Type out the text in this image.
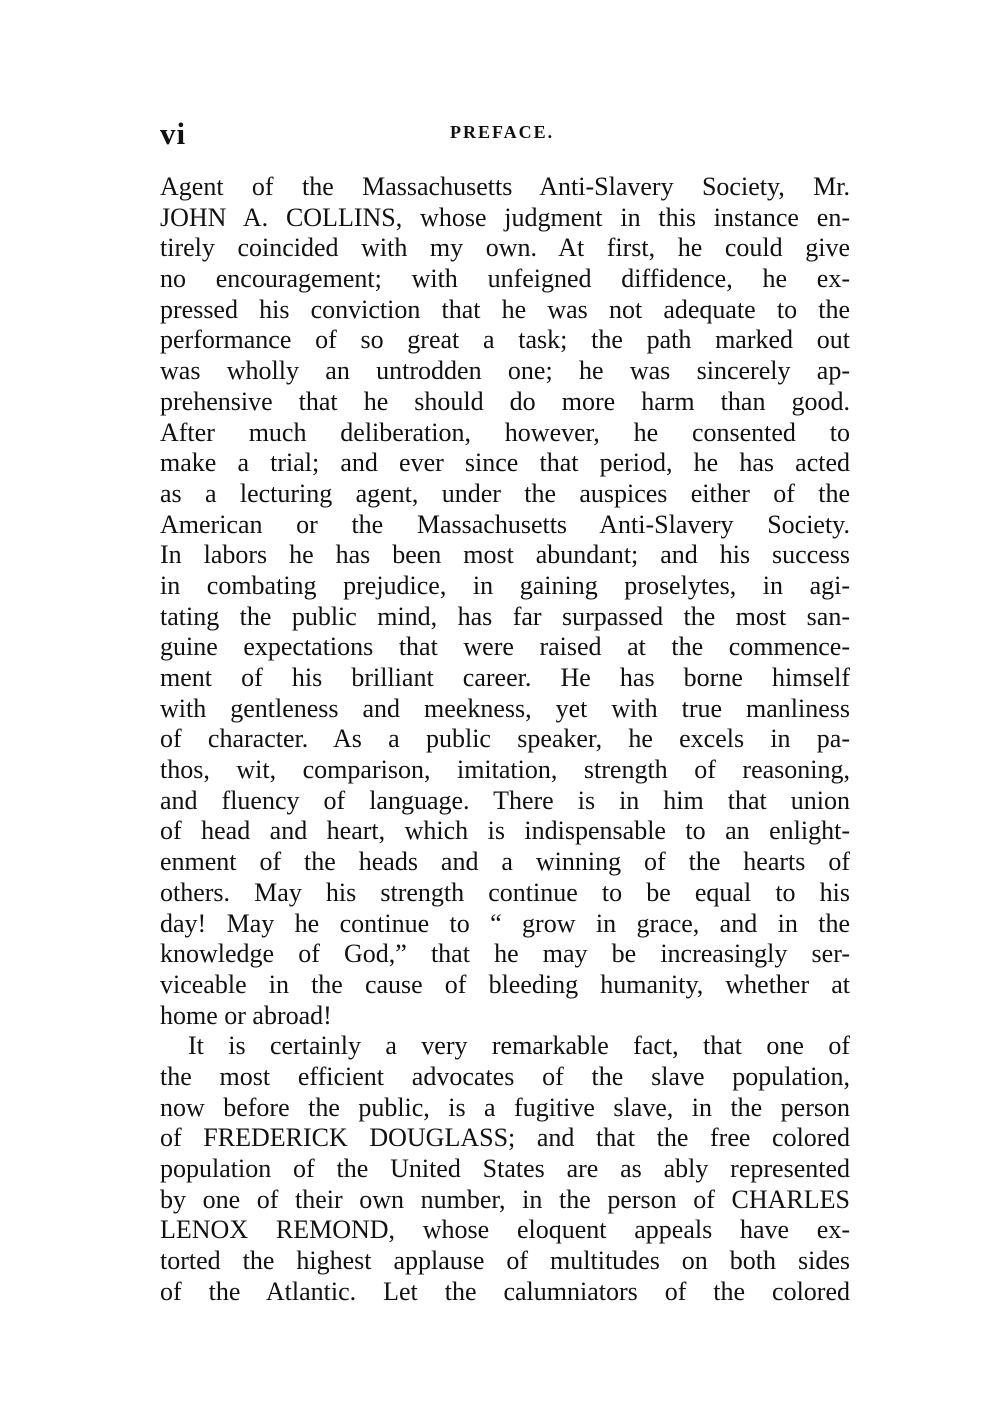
vi	PREFACE.
Agent of the Massachusetts Anti-Slavery Society, Mr.
JOHN A. COLLINS, whose judgment in this instance en-
tirely coincided with my own. At first, he could give
no encouragement; with unfeigned diffidence, he ex-
pressed his conviction that he was not adequate to the
performance of so great a task; the path marked out
was wholly an untrodden one; he was sincerely ap-
prehensive that he should do more harm than good.
After much deliberation, however, he consented to
make a trial; and ever since that period, he has acted
as a lecturing agent, under the auspices either of the
American or the Massachusetts Anti-Slavery Society.
In labors he has been most abundant; and his success
in combating prejudice, in gaining proselytes, in agi-
tating the public mind, has far surpassed the most san-
guine expectations that were raised at the commence-
ment of his brilliant career. He has borne himself
with gentleness and meekness, yet with true manliness
of character. As a public speaker, he excels in pa-
thos, wit, comparison, imitation, strength of reasoning,
and fluency of language. There is in him that union
of head and heart, which is indispensable to an enlight-
enment of the heads and a winning of the hearts of
others. May his strength continue to be equal to his
day! May he continue to “ grow in grace, and in the
knowledge of God,” that he may be increasingly ser-
viceable in the cause of bleeding humanity, whether at
home or abroad!
It is certainly a very remarkable fact, that one of
the most efficient advocates of the slave population,
now before the public, is a fugitive slave, in the person
of FREDERICK DOUGLASS; and that the free colored
population of the United States are as ably represented
by one of their own number, in the person of CHARLES
LENOX REMOND, whose eloquent appeals have ex-
torted the highest applause of multitudes on both sides
of the Atlantic. Let the calumniators of the colored
